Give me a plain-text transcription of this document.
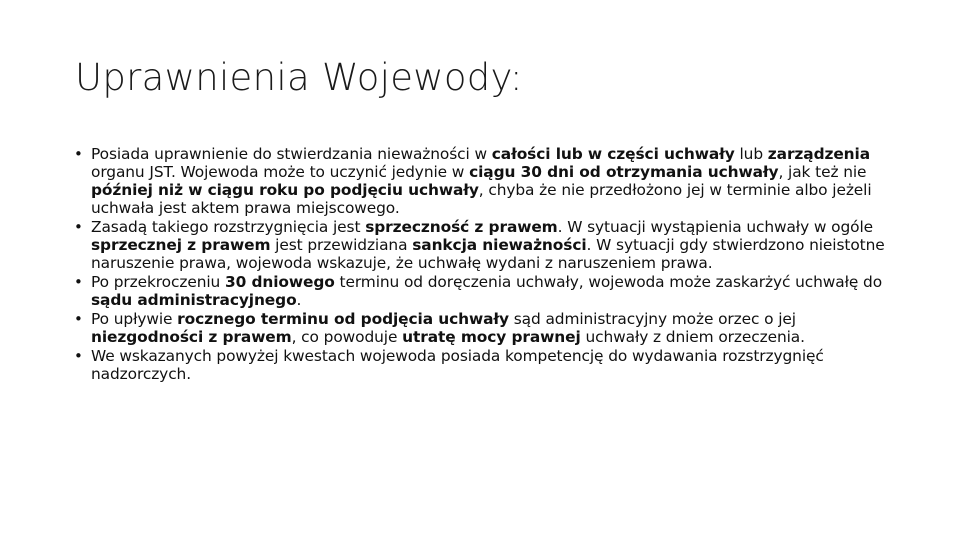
Uprawnienia Wojewody:
• Posiada uprawnienie do stwierdzania nieważności w całości lub w części uchwały lub zarządzenia organu JST. Wojewoda może to uczynić jedynie w ciągu 30 dni od otrzymania uchwały, jak też nie później niż w ciągu roku po podjęciu uchwały, chyba że nie przedłożono jej w terminie albo jeżeli uchwała jest aktem prawa miejscowego.
• Zasadą takiego rozstrzygnięcia jest sprzeczność z prawem. W sytuacji wystąpienia uchwały w ogóle sprzecznej z prawem jest przewidziana sankcja nieważności. W sytuacji gdy stwierdzono nieistotne naruszenie prawa, wojewoda wskazuje, że uchwałę wydani z naruszeniem prawa.
• Po przekroczeniu 30 dniowego terminu od doręczenia uchwały, wojewoda może zaskarżyć uchwałę do sądu administracyjnego.
• Po upływie rocznego terminu od podjęcia uchwały sąd administracyjny może orzec o jej niezgodności z prawem, co powoduje utratę mocy prawnej uchwały z dniem orzeczenia.
• We wskazanych powyżej kwestach wojewoda posiada kompetencję do wydawania rozstrzygnięć nadzorczych.
